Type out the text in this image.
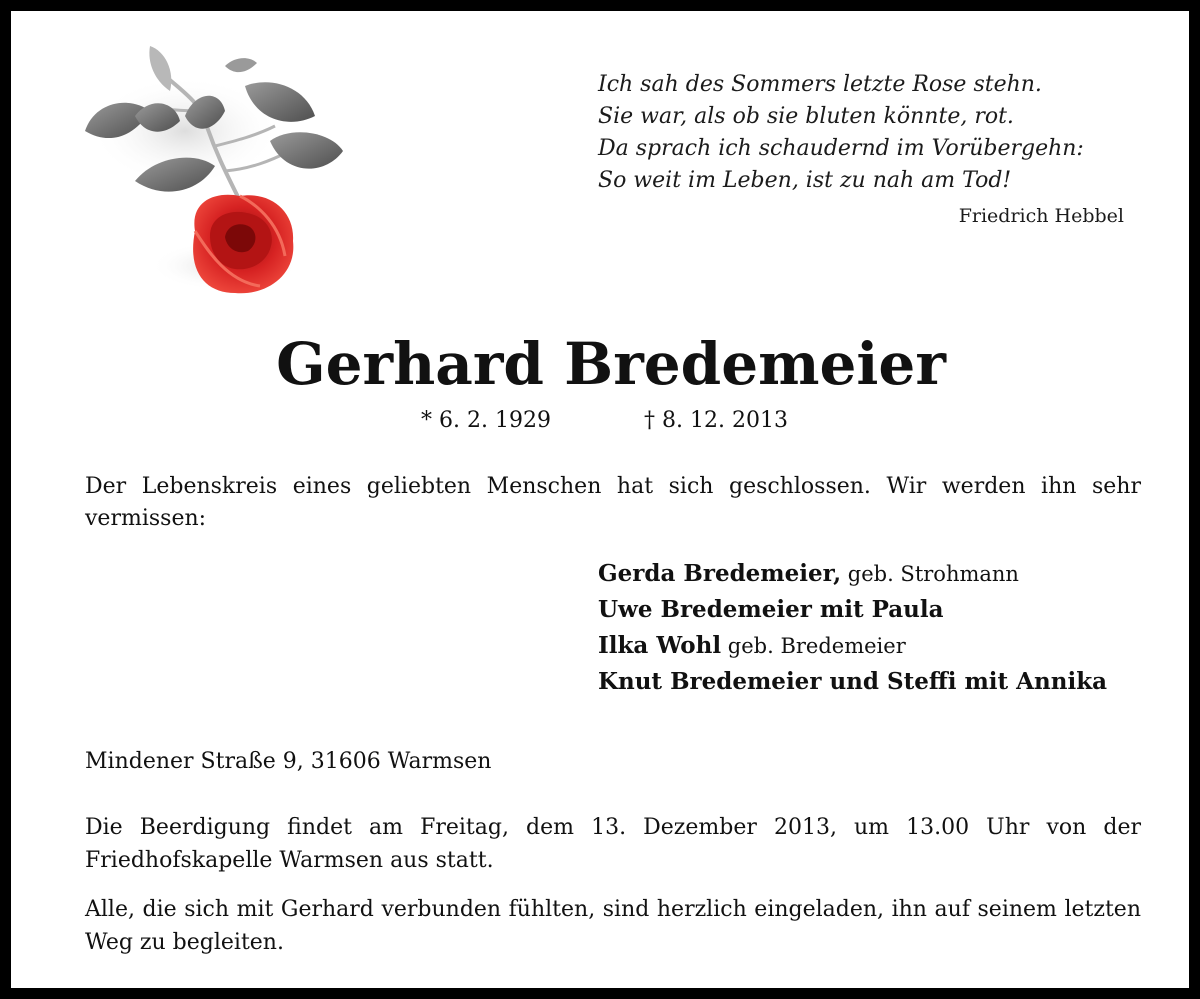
Ich sah des Sommers letzte Rose stehn.
Sie war, als ob sie bluten könnte, rot.
Da sprach ich schaudernd im Vorübergehn:
So weit im Leben, ist zu nah am Tod!
Friedrich Hebbel
Gerhard Bredemeier
* 6. 2. 1929	† 8. 12. 2013
Der Lebenskreis eines geliebten Menschen hat sich geschlossen. Wir werden ihn sehr vermissen:
Gerda Bredemeier, geb. Strohmann
Uwe Bredemeier mit Paula
Ilka Wohl geb. Bredemeier
Knut Bredemeier und Steffi mit Annika
Mindener Straße 9, 31606 Warmsen
Die Beerdigung findet am Freitag, dem 13. Dezember 2013, um 13.00 Uhr von der Friedhofskapelle Warmsen aus statt.
Alle, die sich mit Gerhard verbunden fühlten, sind herzlich eingeladen, ihn auf seinem letzten Weg zu begleiten.
